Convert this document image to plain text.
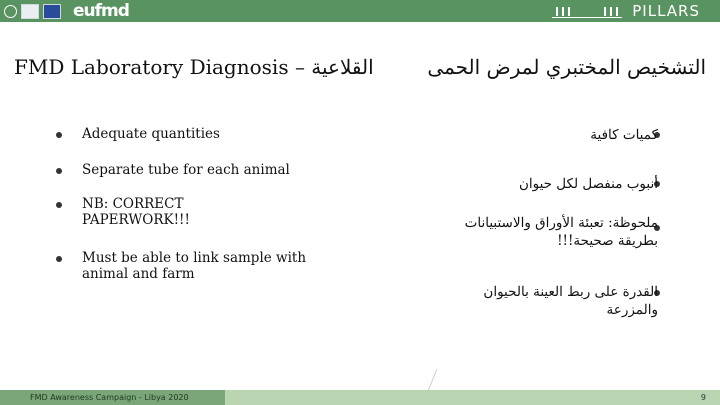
eufmd	PILLARS
FMD Laboratory Diagnosis – القلاعية	التشخيص المختبري لمرض الحمى
Adequate quantities
Separate tube for each animal
NB: CORRECT PAPERWORK!!!
Must be able to link sample with animal and farm
كميات كافية
أنبوب منفصل لكل حيوان
ملحوظة: تعبئة الأوراق والاستبيانات بطريقة صحيحة!!!
القدرة على ربط العينة بالحيوان والمزرعة
FMD Awareness Campaign - Libya 2020	9
